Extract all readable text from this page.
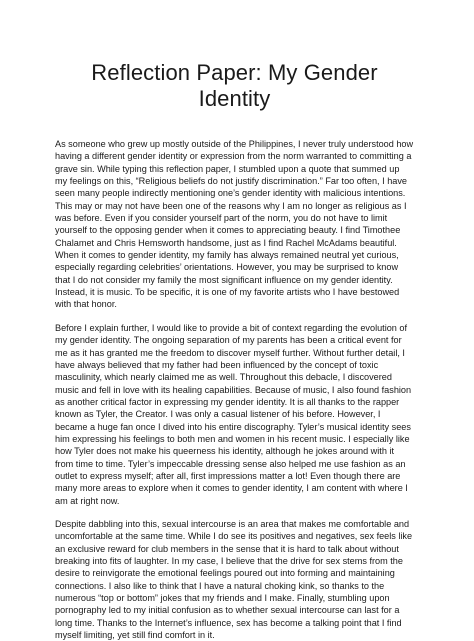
Reflection Paper: My Gender Identity

As someone who grew up mostly outside of the Philippines, I never truly understood how having a different gender identity or expression from the norm warranted to committing a grave sin. While typing this reflection paper, I stumbled upon a quote that summed up my feelings on this, “Religious beliefs do not justify discrimination.” Far too often, I have seen many people indirectly mentioning one’s gender identity with malicious intentions. This may or may not have been one of the reasons why I am no longer as religious as I was before. Even if you consider yourself part of the norm, you do not have to limit yourself to the opposing gender when it comes to appreciating beauty. I find Timothee Chalamet and Chris Hemsworth handsome, just as I find Rachel McAdams beautiful. When it comes to gender identity, my family has always remained neutral yet curious, especially regarding celebrities’ orientations. However, you may be surprised to know that I do not consider my family the most significant influence on my gender identity. Instead, it is music. To be specific, it is one of my favorite artists who I have bestowed with that honor.

Before I explain further, I would like to provide a bit of context regarding the evolution of my gender identity. The ongoing separation of my parents has been a critical event for me as it has granted me the freedom to discover myself further. Without further detail, I have always believed that my father had been influenced by the concept of toxic masculinity, which nearly claimed me as well. Throughout this debacle, I discovered music and fell in love with its healing capabilities. Because of music, I also found fashion as another critical factor in expressing my gender identity. It is all thanks to the rapper known as Tyler, the Creator. I was only a casual listener of his before. However, I became a huge fan once I dived into his entire discography. Tyler’s musical identity sees him expressing his feelings to both men and women in his recent music. I especially like how Tyler does not make his queerness his identity, although he jokes around with it from time to time. Tyler’s impeccable dressing sense also helped me use fashion as an outlet to express myself; after all, first impressions matter a lot! Even though there are many more areas to explore when it comes to gender identity, I am content with where I am at right now.

Despite dabbling into this, sexual intercourse is an area that makes me comfortable and uncomfortable at the same time. While I do see its positives and negatives, sex feels like an exclusive reward for club members in the sense that it is hard to talk about without breaking into fits of laughter. In my case, I believe that the drive for sex stems from the desire to reinvigorate the emotional feelings poured out into forming and maintaining connections. I also like to think that I have a natural choking kink, so thanks to the numerous “top or bottom” jokes that my friends and I make. Finally, stumbling upon pornography led to my initial confusion as to whether sexual intercourse can last for a long time. Thanks to the Internet’s influence, sex has become a talking point that I find myself limiting, yet still find comfort in it.
